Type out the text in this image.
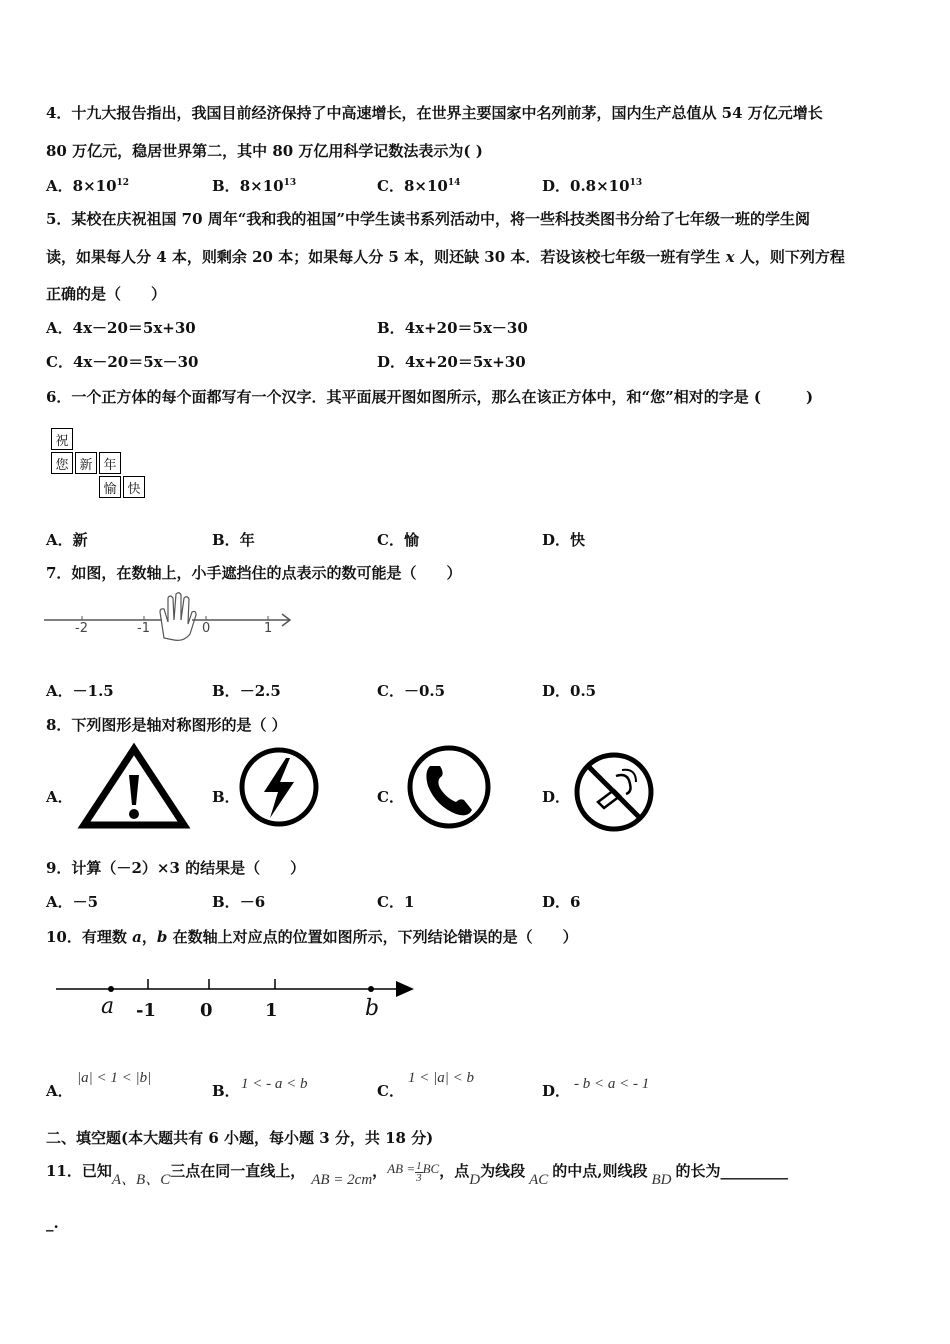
4．十九大报告指出，我国目前经济保持了中高速增长，在世界主要国家中名列前茅，国内生产总值从 54 万亿元增长
80 万亿元，稳居世界第二，其中 80 万亿用科学记数法表示为( )
A．$8\times 10^{12}$	B．$8\times 10^{13}$	C．$8\times 10^{14}$	D．$0.8\times 10^{13}$
5．某校在庆祝祖国 70 周年“我和我的祖国”中学生读书系列活动中，将一些科技类图书分给了七年级一班的学生阅
读，如果每人分 4 本，则剩余 20 本；如果每人分 5 本，则还缺 30 本．若设该校七年级一班有学生 x 人，则下列方程
正确的是（　　）
A．4x－20＝5x+30	B．4x+20＝5x－30
C．4x－20＝5x－30	D．4x+20＝5x+30
6．一个正方体的每个面都写有一个汉字．其平面展开图如图所示，那么在该正方体中，和“您”相对的字是 (　　　)
祝
您 新 年
愉 快
A．新	B．年	C．愉	D．快
7．如图，在数轴上，小手遮挡住的点表示的数可能是（　　）
-2	-1	0	1
A．－1.5	B．－2.5	C．－0.5	D．0.5
8．下列图形是轴对称图形的是（ ）
A．	B．	C．	D．
9．计算（－2）×3 的结果是（　　）
A．－5	B．－6	C．1	D．6
10．有理数 a，b 在数轴上对应点的位置如图所示，下列结论错误的是（　　）
a -1 0	1	b
A．
|a| < 1 < |b|
B． 1 < - a < b	C．
1 < |a| < b
D． - b < a < - 1
二、填空题(本大题共有 6 小题，每小题 3 分，共 18 分)
11．已知A、B、C三点在同一直线上， AB = 2cm，AB = $\frac{1}{3}$ BC，点D为线段 AC 的中点,则线段 BD 的长为_________
_.
